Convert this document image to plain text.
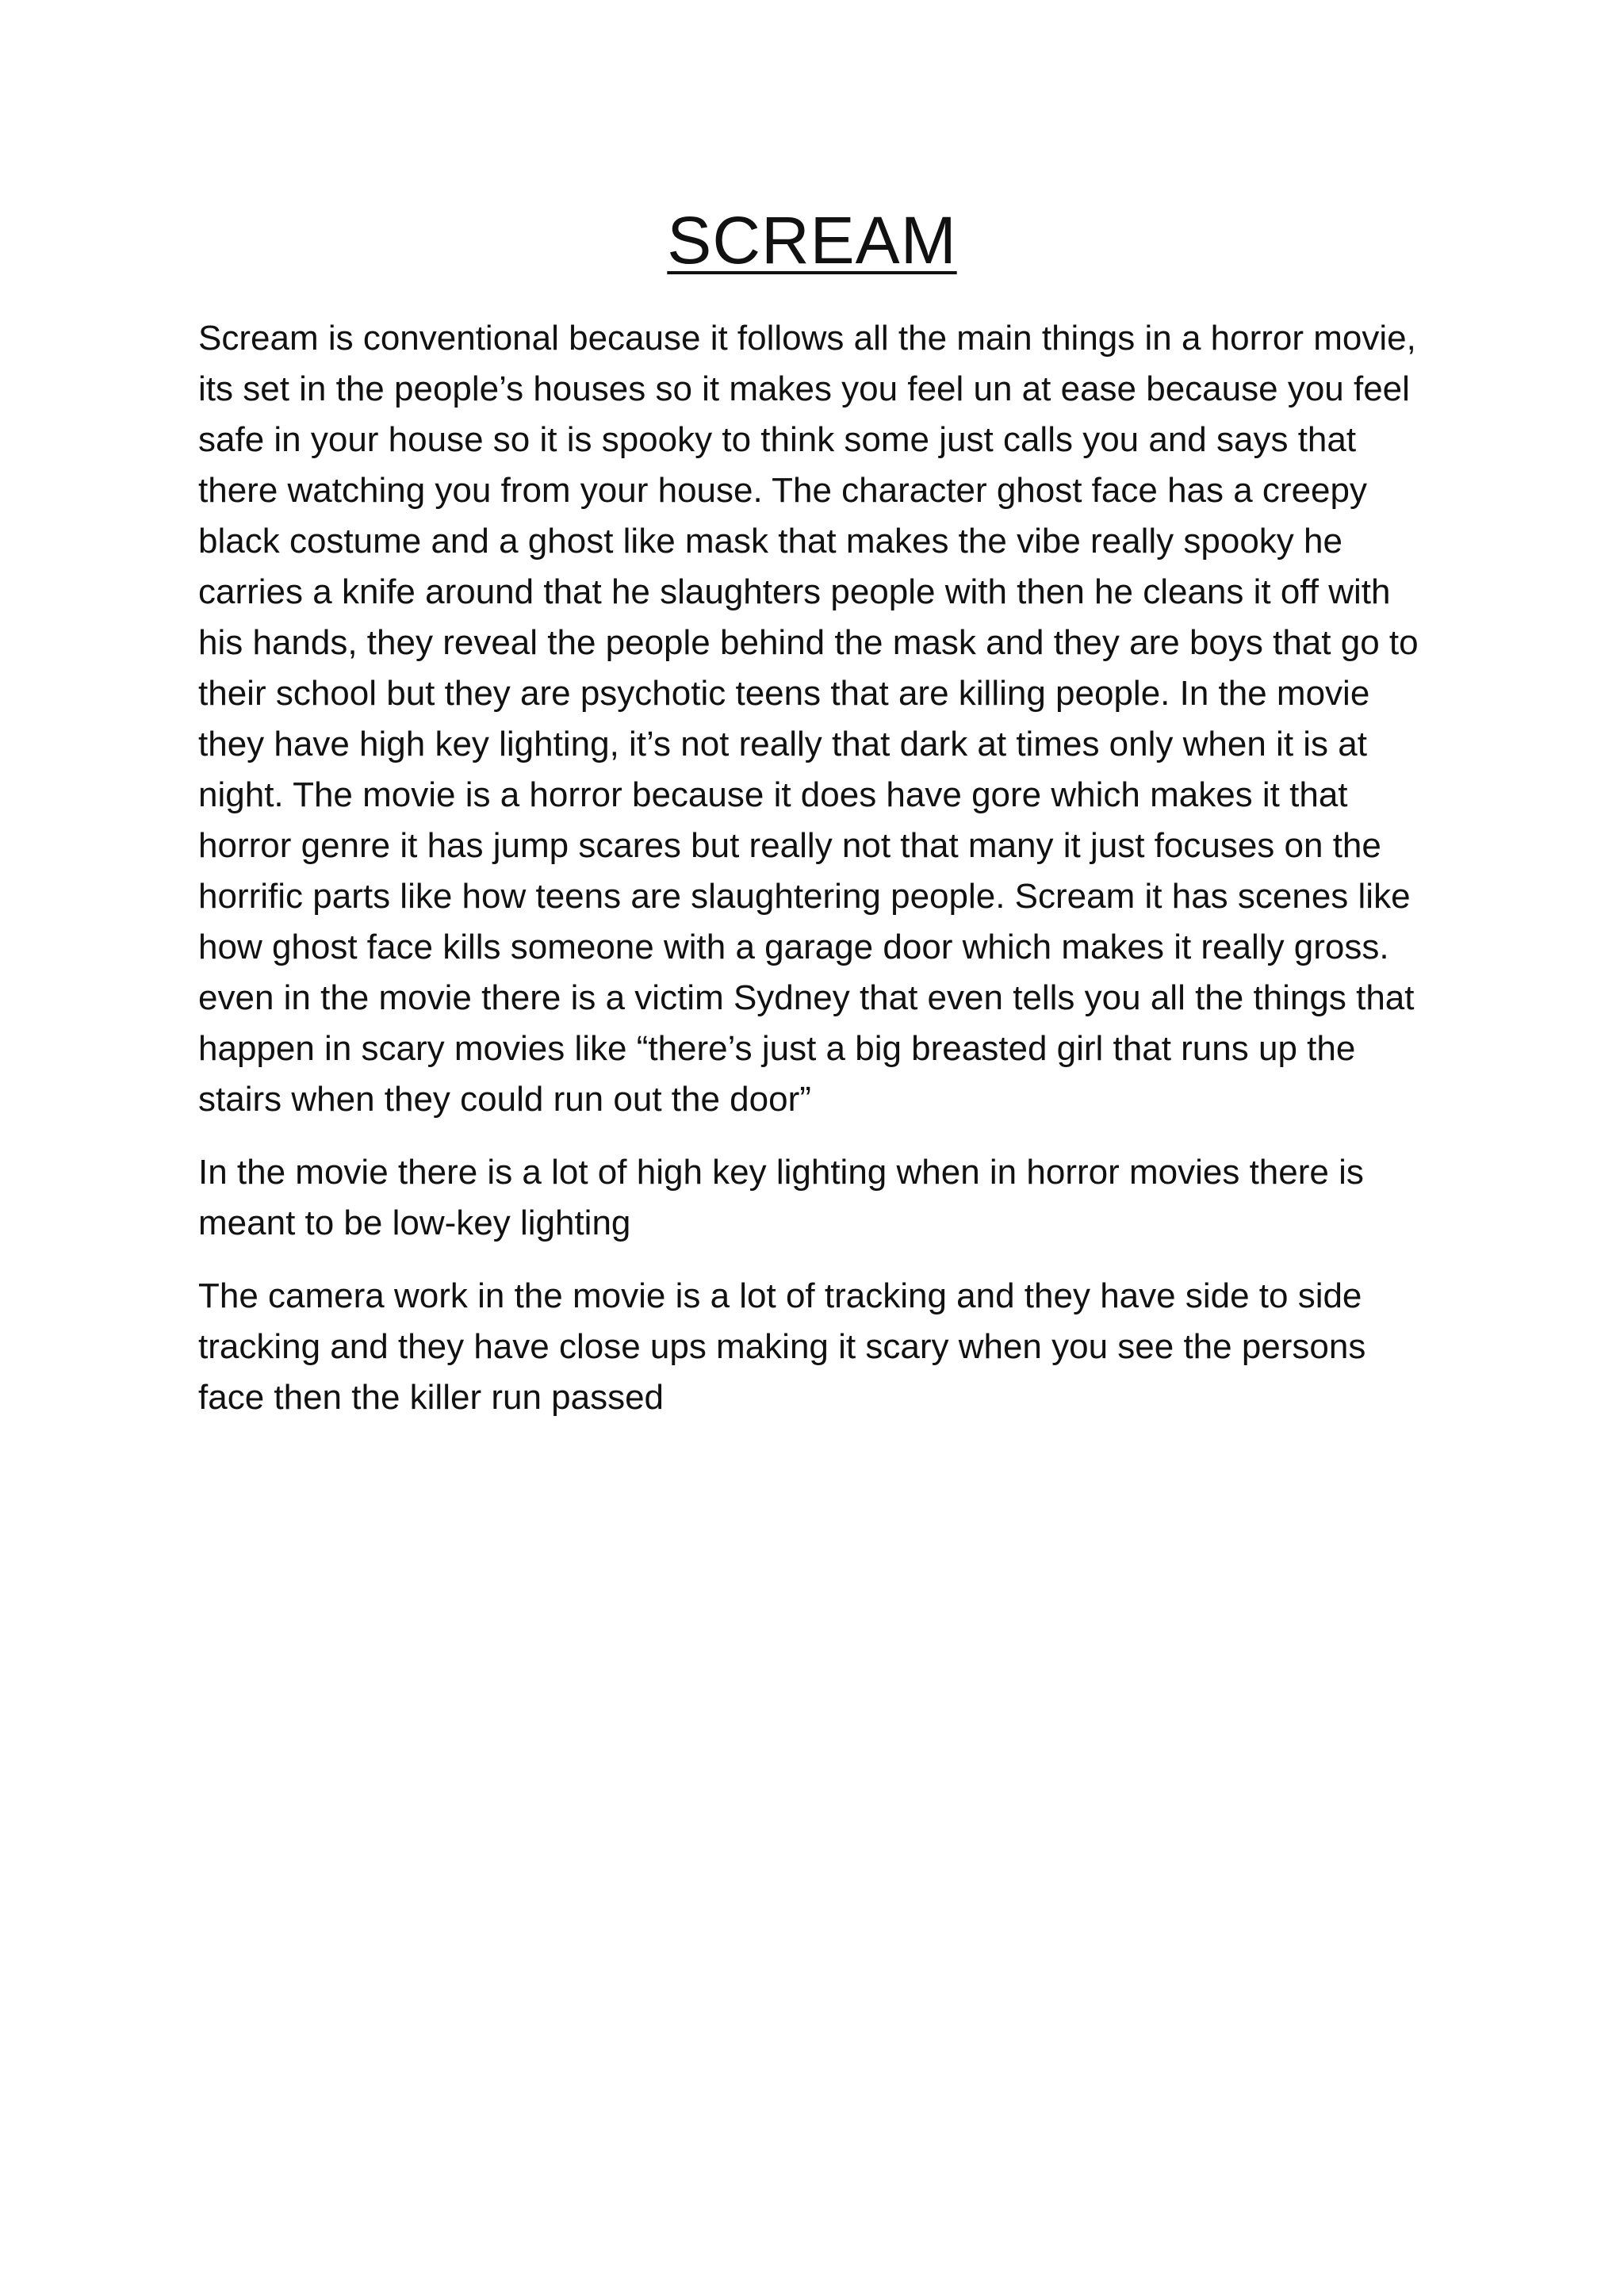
SCREAM
Scream is conventional because it follows all the main things in a horror movie,
its set in the people’s houses so it makes you feel un at ease because you feel
safe in your house so it is spooky to think some just calls you and says that
there watching you from your house. The character ghost face has a creepy
black costume and a ghost like mask that makes the vibe really spooky he
carries a knife around that he slaughters people with then he cleans it off with
his hands, they reveal the people behind the mask and they are boys that go to
their school but they are psychotic teens that are killing people. In the movie
they have high key lighting, it’s not really that dark at times only when it is at
night. The movie is a horror because it does have gore which makes it that
horror genre it has jump scares but really not that many it just focuses on the
horrific parts like how teens are slaughtering people. Scream it has scenes like
how ghost face kills someone with a garage door which makes it really gross.
even in the movie there is a victim Sydney that even tells you all the things that
happen in scary movies like “there’s just a big breasted girl that runs up the
stairs when they could run out the door”
In the movie there is a lot of high key lighting when in horror movies there is
meant to be low-key lighting
The camera work in the movie is a lot of tracking and they have side to side
tracking and they have close ups making it scary when you see the persons
face then the killer run passed
